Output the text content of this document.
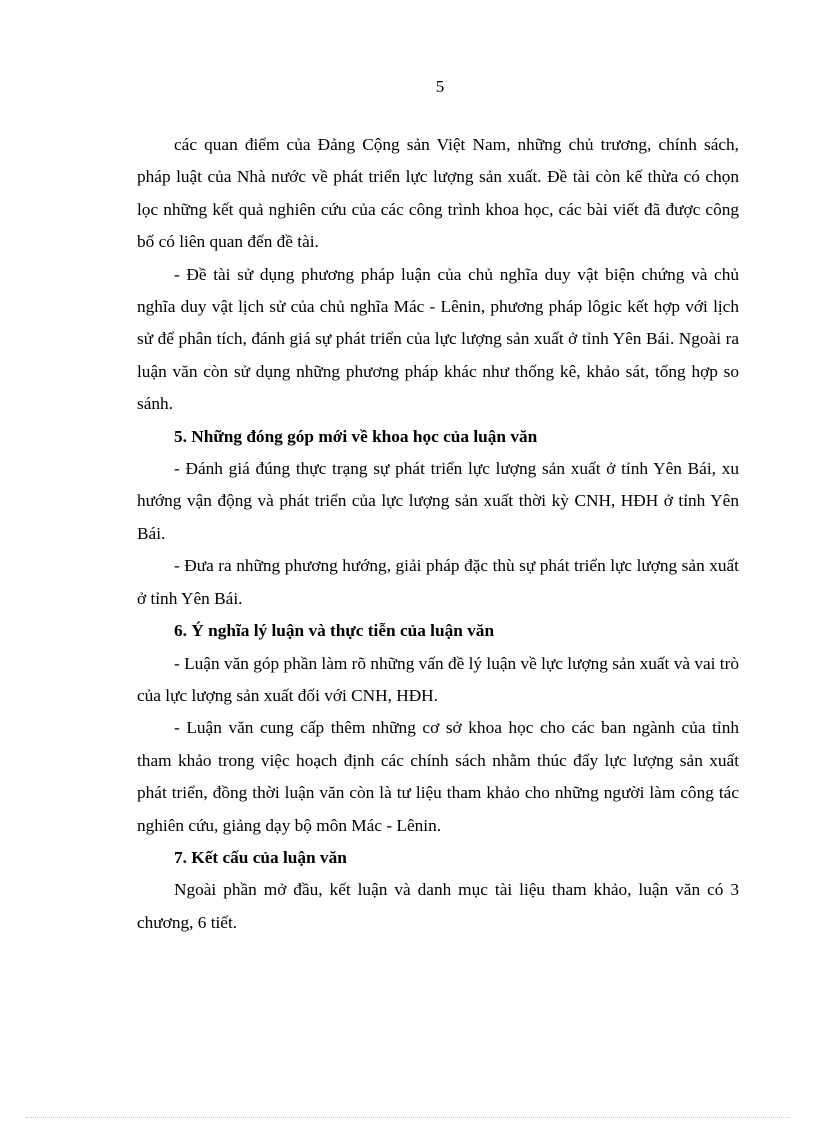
5

các quan điểm của Đảng Cộng sản Việt Nam, những chủ trương, chính sách, pháp luật của Nhà nước về phát triển lực lượng sản xuất. Đề tài còn kế thừa có chọn lọc những kết quả nghiên cứu của các công trình khoa học, các bài viết đã được công bố có liên quan đến đề tài.

- Đề tài sử dụng phương pháp luận của chủ nghĩa duy vật biện chứng và chủ nghĩa duy vật lịch sử của chủ nghĩa Mác - Lênin, phương pháp lôgic kết hợp với lịch sử để phân tích, đánh giá sự phát triển của lực lượng sản xuất ở tỉnh Yên Bái. Ngoài ra luận văn còn sử dụng những phương pháp khác như thống kê, khảo sát, tổng hợp so sánh.

5. Những đóng góp mới về khoa học của luận văn

- Đánh giá đúng thực trạng sự phát triển lực lượng sản xuất ở tỉnh Yên Bái, xu hướng vận động và phát triển của lực lượng sản xuất thời kỳ CNH, HĐH ở tỉnh Yên Bái.

- Đưa ra những phương hướng, giải pháp đặc thù sự phát triển lực lượng sản xuất ở tỉnh Yên Bái.

6. Ý nghĩa lý luận và thực tiễn của luận văn

- Luận văn góp phần làm rõ những vấn đề lý luận về lực lượng sản xuất và vai trò của lực lượng sản xuất đối với CNH, HĐH.

- Luận văn cung cấp thêm những cơ sở khoa học cho các ban ngành của tỉnh tham khảo trong việc hoạch định các chính sách nhằm thúc đẩy lực lượng sản xuất phát triển, đồng thời luận văn còn là tư liệu tham khảo cho những người làm công tác nghiên cứu, giảng dạy bộ môn Mác - Lênin.

7. Kết cấu của luận văn

Ngoài phần mở đầu, kết luận và danh mục tài liệu tham khảo, luận văn có 3 chương, 6 tiết.
